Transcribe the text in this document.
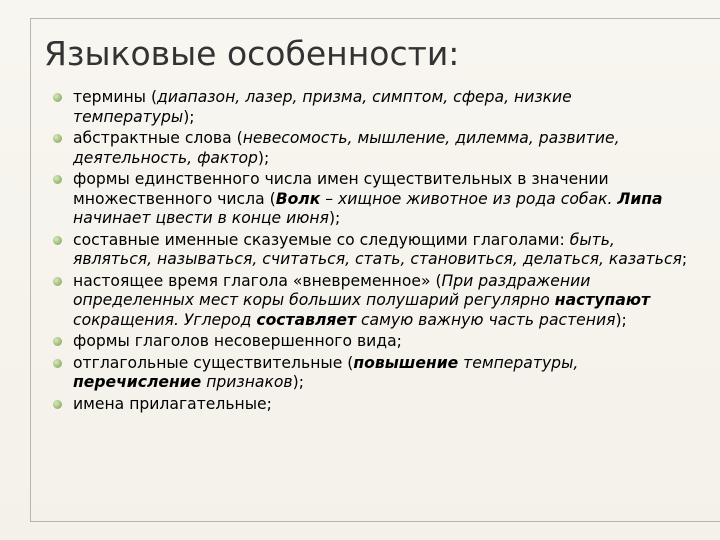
Языковые особенности:
термины (диапазон, лазер, призма, симптом, сфера, низкие температуры);
абстрактные слова (невесомость, мышление, дилемма, развитие, деятельность, фактор);
формы единственного числа имен существительных в значении множественного числа (Волк – хищное животное из рода собак. Липа начинает цвести в конце июня);
составные именные сказуемые со следующими глаголами: быть, являться, называться, считаться, стать, становиться, делаться, казаться;
настоящее время глагола «вневременное» (При раздражении определенных мест коры больших полушарий регулярно наступают сокращения. Углерод составляет самую важную часть растения);
формы глаголов несовершенного вида;
отглагольные существительные (повышение температуры, перечисление признаков);
имена прилагательные;
